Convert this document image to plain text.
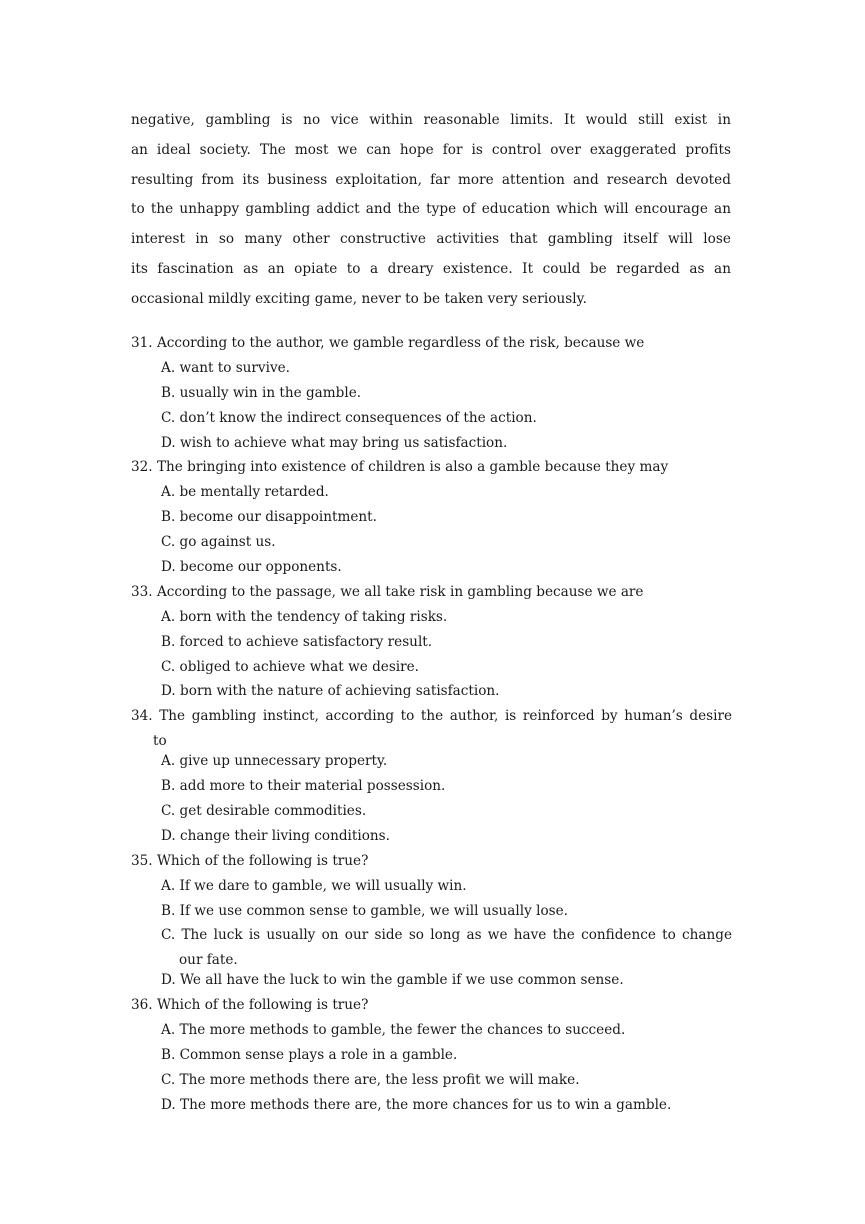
negative, gambling is no vice within reasonable limits. It would still exist in
an ideal society. The most we can hope for is control over exaggerated profits
resulting from its business exploitation, far more attention and research devoted
to the unhappy gambling addict and the type of education which will encourage an
interest in so many other constructive activities that gambling itself will lose
its fascination as an opiate to a dreary existence. It could be regarded as an
occasional mildly exciting game, never to be taken very seriously.
31. According to the author, we gamble regardless of the risk, because we
A. want to survive.
B. usually win in the gamble.
C. don’t know the indirect consequences of the action.
D. wish to achieve what may bring us satisfaction.
32. The bringing into existence of children is also a gamble because they may
A. be mentally retarded.
B. become our disappointment.
C. go against us.
D. become our opponents.
33. According to the passage, we all take risk in gambling because we are
A. born with the tendency of taking risks.
B. forced to achieve satisfactory result.
C. obliged to achieve what we desire.
D. born with the nature of achieving satisfaction.
34. The gambling instinct, according to the author, is reinforced by human’s desire
to
A. give up unnecessary property.
B. add more to their material possession.
C. get desirable commodities.
D. change their living conditions.
35. Which of the following is true?
A. If we dare to gamble, we will usually win.
B. If we use common sense to gamble, we will usually lose.
C. The luck is usually on our side so long as we have the confidence to change
our fate.
D. We all have the luck to win the gamble if we use common sense.
36. Which of the following is true?
A. The more methods to gamble, the fewer the chances to succeed.
B. Common sense plays a role in a gamble.
C. The more methods there are, the less profit we will make.
D. The more methods there are, the more chances for us to win a gamble.
